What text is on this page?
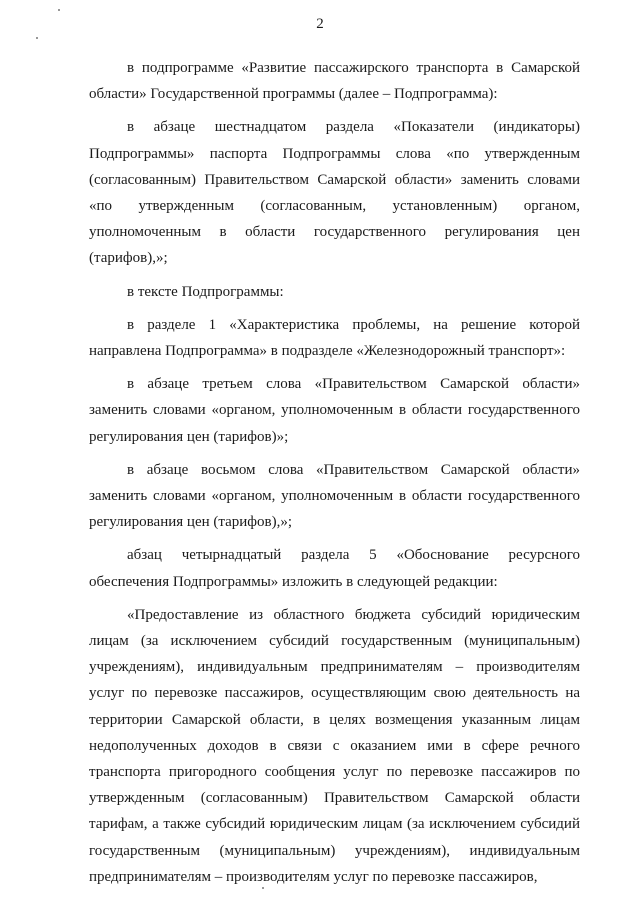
2

в подпрограмме «Развитие пассажирского транспорта в Самарской области» Государственной программы (далее – Подпрограмма):

в абзаце шестнадцатом раздела «Показатели (индикаторы) Подпрограммы» паспорта Подпрограммы слова «по утвержденным (согласованным) Правительством Самарской области» заменить словами «по утвержденным (согласованным, установленным) органом, уполномоченным в области государственного регулирования цен (тарифов),»;

в тексте Подпрограммы:

в разделе 1 «Характеристика проблемы, на решение которой направлена Подпрограмма» в подразделе «Железнодорожный транспорт»:

в абзаце третьем слова «Правительством Самарской области» заменить словами «органом, уполномоченным в области государственного регулирования цен (тарифов)»;

в абзаце восьмом слова «Правительством Самарской области» заменить словами «органом, уполномоченным в области государственного регулирования цен (тарифов),»;

абзац четырнадцатый раздела 5 «Обоснование ресурсного обеспечения Подпрограммы» изложить в следующей редакции:

«Предоставление из областного бюджета субсидий юридическим лицам (за исключением субсидий государственным (муниципальным) учреждениям), индивидуальным предпринимателям – производителям услуг по перевозке пассажиров, осуществляющим свою деятельность на территории Самарской области, в целях возмещения указанным лицам недополученных доходов в связи с оказанием ими в сфере речного транспорта пригородного сообщения услуг по перевозке пассажиров по утвержденным (согласованным) Правительством Самарской области тарифам, а также субсидий юридическим лицам (за исключением субсидий государственным (муниципальным) учреждениям), индивидуальным предпринимателям – производителям услуг по перевозке пассажиров,
